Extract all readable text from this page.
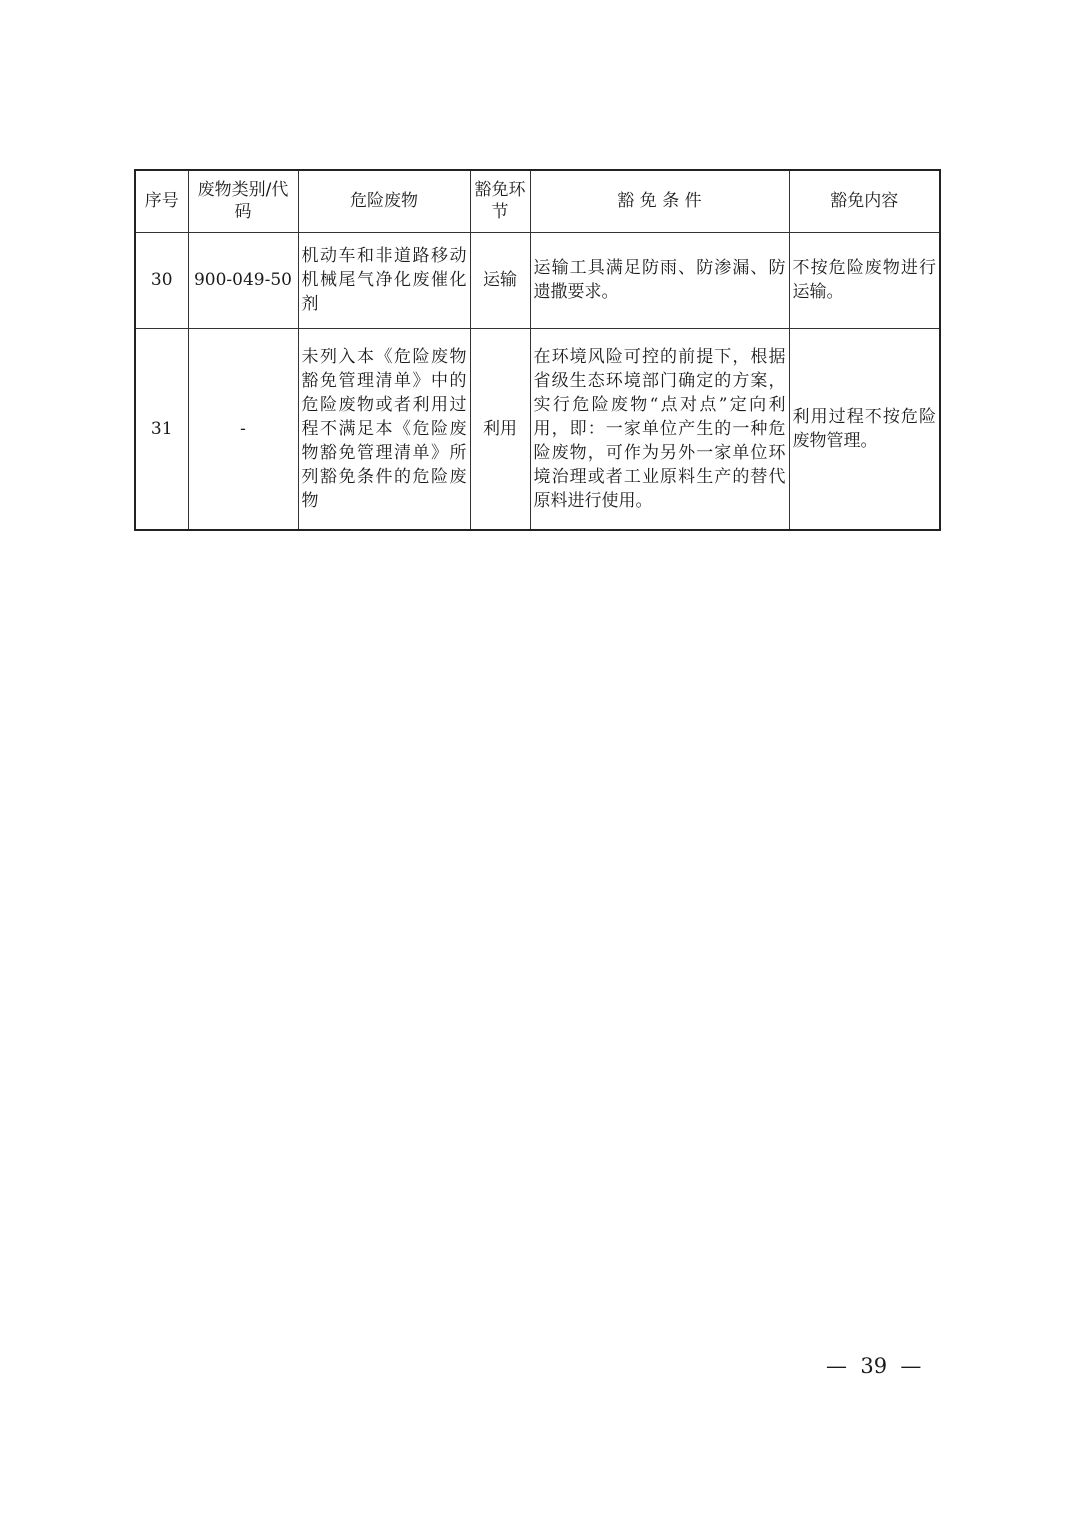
序号	废物类别/代码	危险废物	豁免环节	豁 免 条 件	豁免内容
30	900-049-50	机动车和非道路移动机械尾气净化废催化剂	运输	运输工具满足防雨、防渗漏、防遗撒要求。	不按危险废物进行运输。
31	-	未列入本《危险废物豁免管理清单》中的危险废物或者利用过程不满足本《危险废物豁免管理清单》所列豁免条件的危险废物	利用	在环境风险可控的前提下，根据省级生态环境部门确定的方案，实行危险废物“点对点”定向利用，即：一家单位产生的一种危险废物，可作为另外一家单位环境治理或者工业原料生产的替代原料进行使用。	利用过程不按危险废物管理。
—  39  —
